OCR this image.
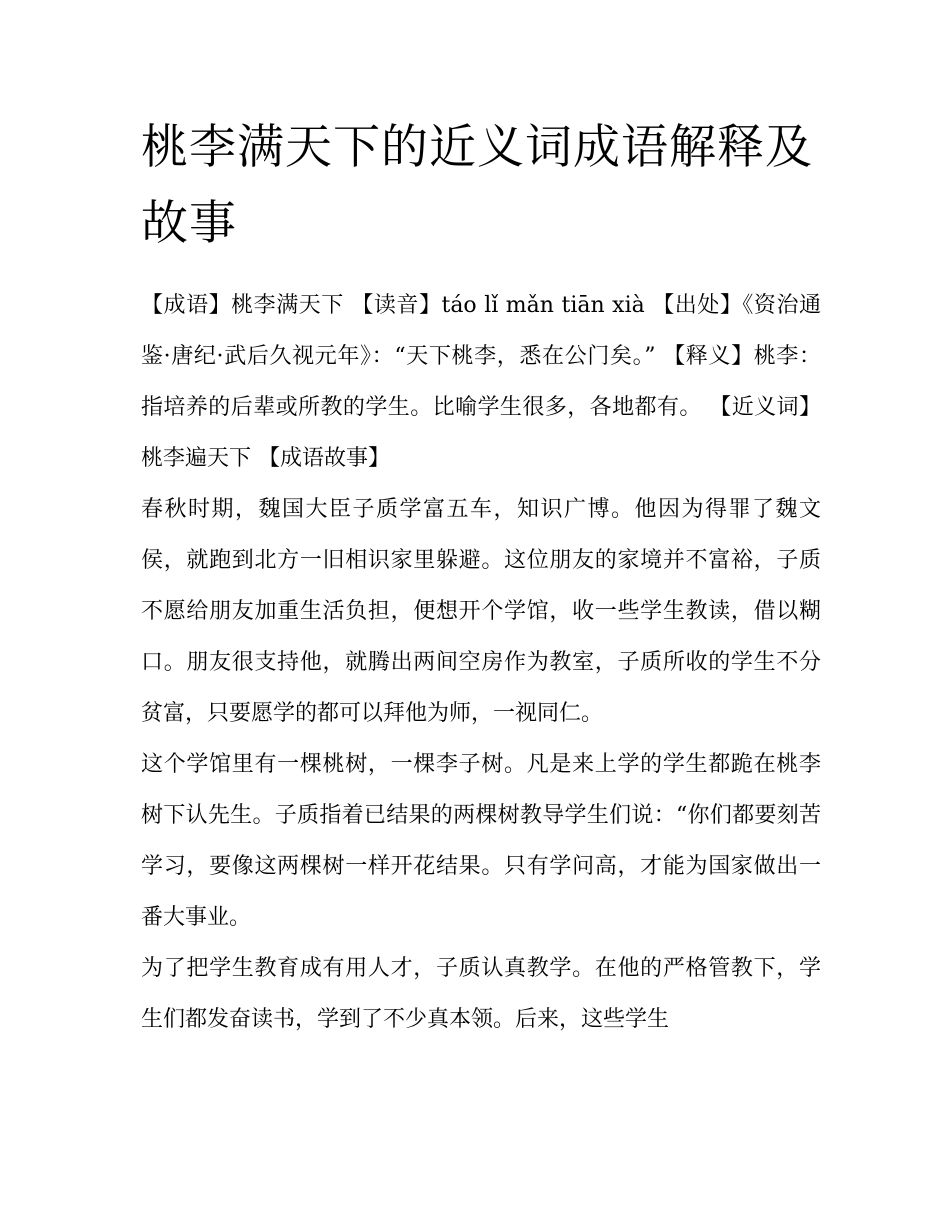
桃李满天下的近义词成语解释及故事

【成语】桃李满天下 【读音】táo lǐ mǎn tiān xià 【出处】《资治通鉴·唐纪·武后久视元年》：“天下桃李，悉在公门矣。” 【释义】桃李：指培养的后辈或所教的学生。比喻学生很多，各地都有。 【近义词】桃李遍天下 【成语故事】

春秋时期，魏国大臣子质学富五车，知识广博。他因为得罪了魏文侯，就跑到北方一旧相识家里躲避。这位朋友的家境并不富裕，子质不愿给朋友加重生活负担，便想开个学馆，收一些学生教读，借以糊口。朋友很支持他，就腾出两间空房作为教室，子质所收的学生不分贫富，只要愿学的都可以拜他为师，一视同仁。

这个学馆里有一棵桃树，一棵李子树。凡是来上学的学生都跪在桃李树下认先生。子质指着已结果的两棵树教导学生们说：“你们都要刻苦学习，要像这两棵树一样开花结果。只有学问高，才能为国家做出一番大事业。

为了把学生教育成有用人才，子质认真教学。在他的严格管教下，学生们都发奋读书，学到了不少真本领。后来，这些学生
